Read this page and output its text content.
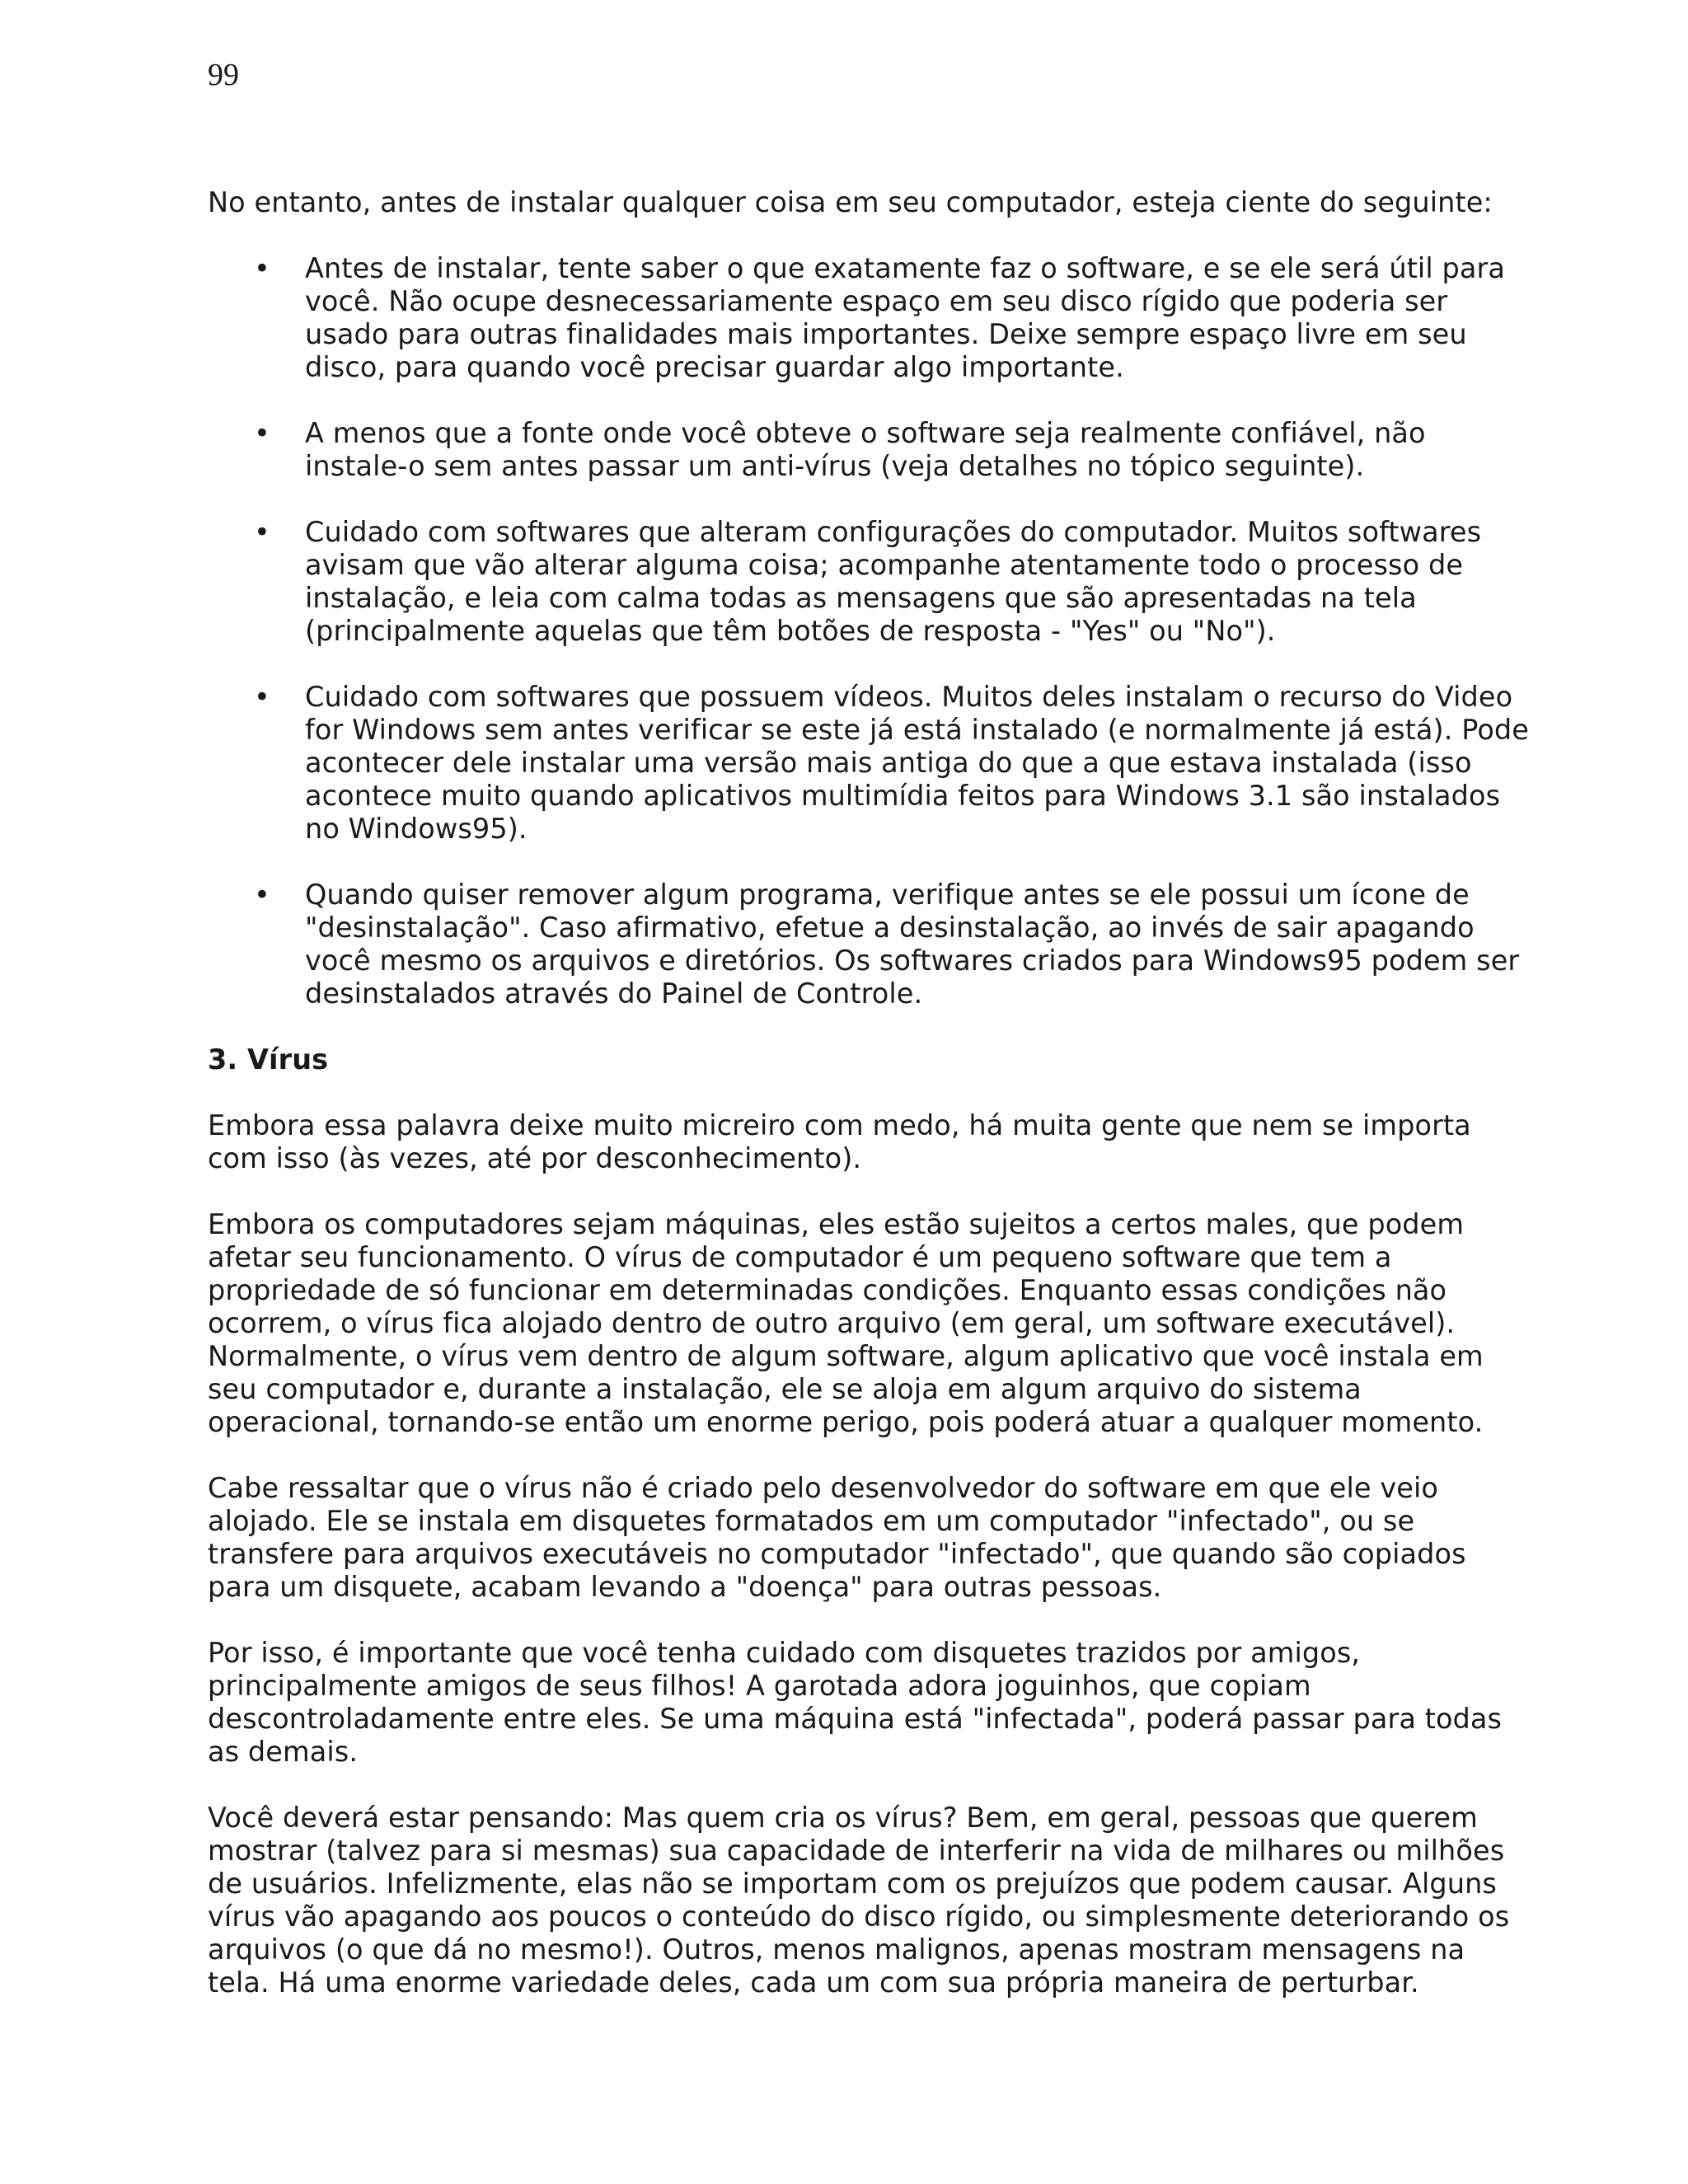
99

No entanto, antes de instalar qualquer coisa em seu computador, esteja ciente do seguinte:

• Antes de instalar, tente saber o que exatamente faz o software, e se ele será útil para você. Não ocupe desnecessariamente espaço em seu disco rígido que poderia ser usado para outras finalidades mais importantes. Deixe sempre espaço livre em seu disco, para quando você precisar guardar algo importante.
• A menos que a fonte onde você obteve o software seja realmente confiável, não instale-o sem antes passar um anti-vírus (veja detalhes no tópico seguinte).
• Cuidado com softwares que alteram configurações do computador. Muitos softwares avisam que vão alterar alguma coisa; acompanhe atentamente todo o processo de instalação, e leia com calma todas as mensagens que são apresentadas na tela (principalmente aquelas que têm botões de resposta - "Yes" ou "No").
• Cuidado com softwares que possuem vídeos. Muitos deles instalam o recurso do Video for Windows sem antes verificar se este já está instalado (e normalmente já está). Pode acontecer dele instalar uma versão mais antiga do que a que estava instalada (isso acontece muito quando aplicativos multimídia feitos para Windows 3.1 são instalados no Windows95).
• Quando quiser remover algum programa, verifique antes se ele possui um ícone de "desinstalação". Caso afirmativo, efetue a desinstalação, ao invés de sair apagando você mesmo os arquivos e diretórios. Os softwares criados para Windows95 podem ser desinstalados através do Painel de Controle.
3. Vírus

Embora essa palavra deixe muito micreiro com medo, há muita gente que nem se importa com isso (às vezes, até por desconhecimento).

Embora os computadores sejam máquinas, eles estão sujeitos a certos males, que podem afetar seu funcionamento. O vírus de computador é um pequeno software que tem a propriedade de só funcionar em determinadas condições. Enquanto essas condições não ocorrem, o vírus fica alojado dentro de outro arquivo (em geral, um software executável). Normalmente, o vírus vem dentro de algum software, algum aplicativo que você instala em seu computador e, durante a instalação, ele se aloja em algum arquivo do sistema operacional, tornando-se então um enorme perigo, pois poderá atuar a qualquer momento.

Cabe ressaltar que o vírus não é criado pelo desenvolvedor do software em que ele veio alojado. Ele se instala em disquetes formatados em um computador "infectado", ou se transfere para arquivos executáveis no computador "infectado", que quando são copiados para um disquete, acabam levando a "doença" para outras pessoas.

Por isso, é importante que você tenha cuidado com disquetes trazidos por amigos, principalmente amigos de seus filhos! A garotada adora joguinhos, que copiam descontroladamente entre eles. Se uma máquina está "infectada", poderá passar para todas as demais.

Você deverá estar pensando: Mas quem cria os vírus? Bem, em geral, pessoas que querem mostrar (talvez para si mesmas) sua capacidade de interferir na vida de milhares ou milhões de usuários. Infelizmente, elas não se importam com os prejuízos que podem causar. Alguns vírus vão apagando aos poucos o conteúdo do disco rígido, ou simplesmente deteriorando os arquivos (o que dá no mesmo!). Outros, menos malignos, apenas mostram mensagens na tela. Há uma enorme variedade deles, cada um com sua própria maneira de perturbar.
